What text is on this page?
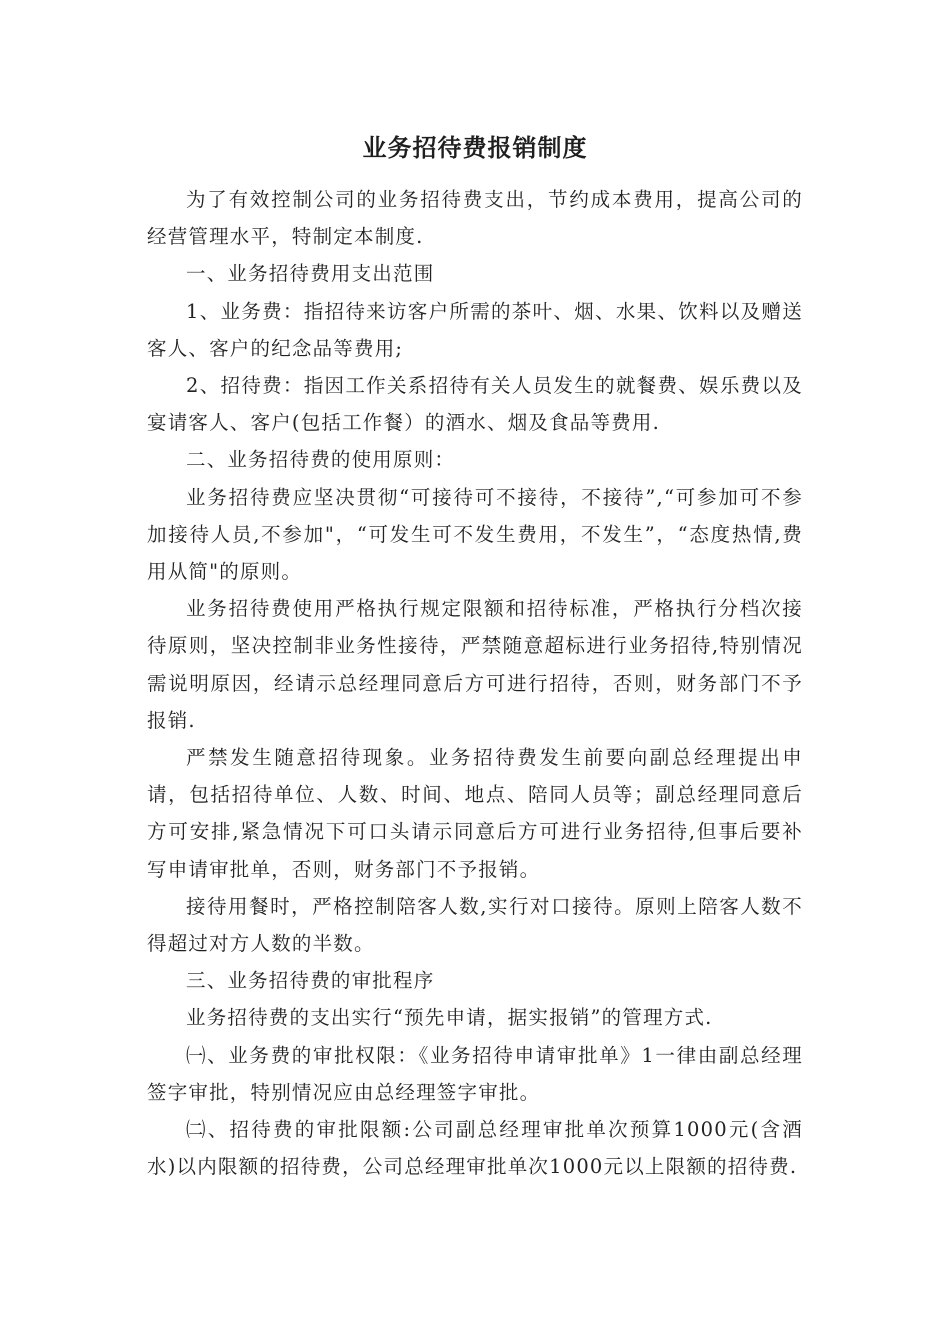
业务招待费报销制度

为了有效控制公司的业务招待费支出，节约成本费用，提高公司的经营管理水平，特制定本制度.

一、业务招待费用支出范围

1、业务费：指招待来访客户所需的茶叶、烟、水果、饮料以及赠送客人、客户的纪念品等费用;

2、招待费：指因工作关系招待有关人员发生的就餐费、娱乐费以及宴请客人、客户(包括工作餐）的酒水、烟及食品等费用.

二、业务招待费的使用原则：

业务招待费应坚决贯彻“可接待可不接待，不接待”,“可参加可不参加接待人员,不参加"，“可发生可不发生费用，不发生”，“态度热情,费用从简"的原则。

业务招待费使用严格执行规定限额和招待标准，严格执行分档次接待原则，坚决控制非业务性接待，严禁随意超标进行业务招待,特别情况需说明原因，经请示总经理同意后方可进行招待，否则，财务部门不予报销.

严禁发生随意招待现象。业务招待费发生前要向副总经理提出申请，包括招待单位、人数、时间、地点、陪同人员等；副总经理同意后方可安排,紧急情况下可口头请示同意后方可进行业务招待,但事后要补写申请审批单，否则，财务部门不予报销。

接待用餐时，严格控制陪客人数,实行对口接待。原则上陪客人数不得超过对方人数的半数。

三、业务招待费的审批程序

业务招待费的支出实行“预先申请，据实报销”的管理方式.

㈠、业务费的审批权限：《业务招待申请审批单》1一律由副总经理签字审批，特别情况应由总经理签字审批。

㈡、招待费的审批限额:公司副总经理审批单次预算1000元(含酒水)以内限额的招待费，公司总经理审批单次1000元以上限额的招待费.
